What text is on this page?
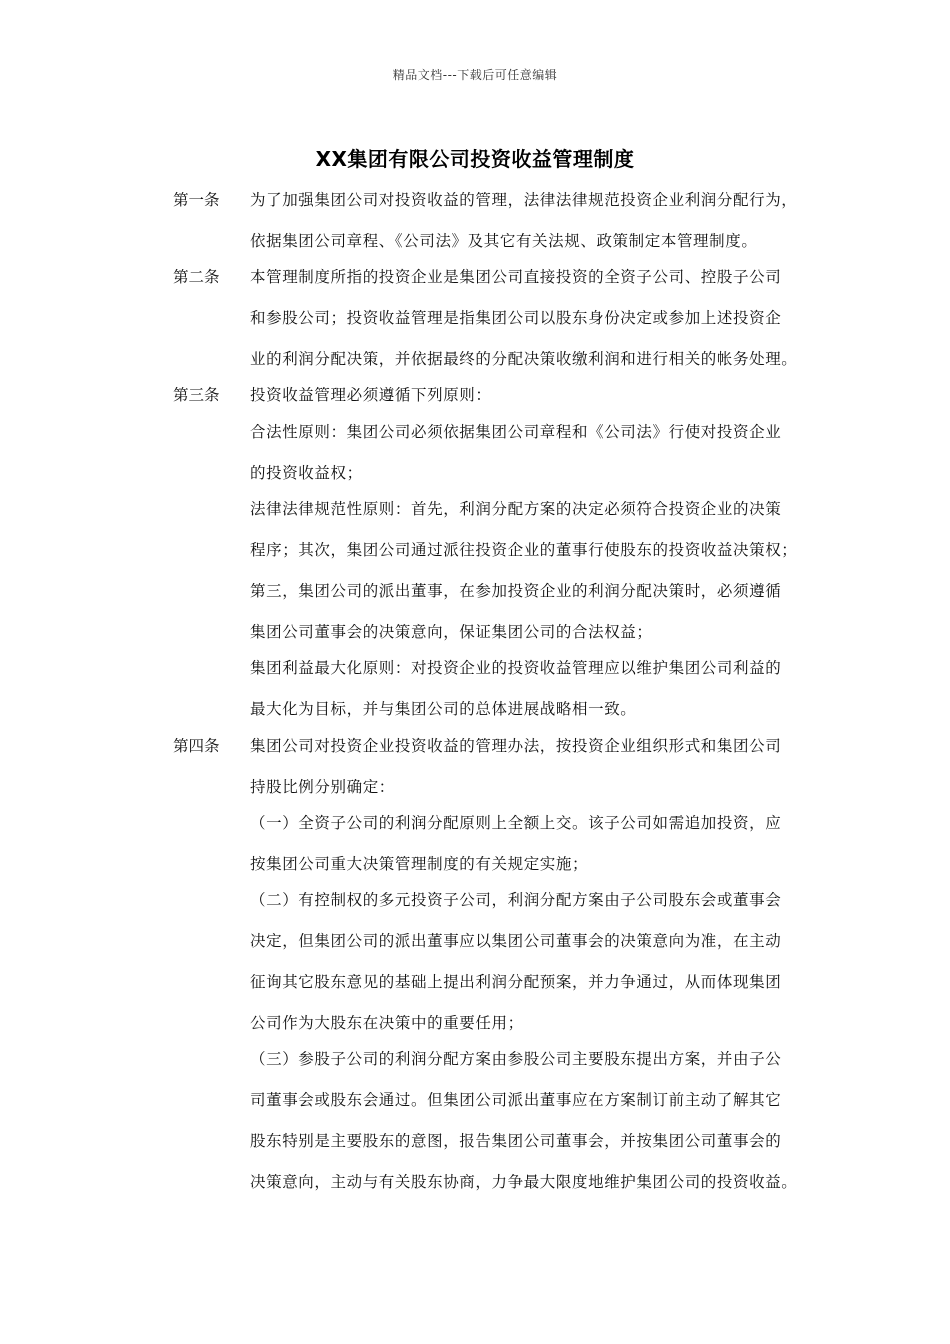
精品文档---下载后可任意编辑
XX集团有限公司投资收益管理制度
第一条 为了加强集团公司对投资收益的管理，法律法律规范投资企业利润分配行为，
依据集团公司章程、《公司法》及其它有关法规、政策制定本管理制度。
第二条 本管理制度所指的投资企业是集团公司直接投资的全资子公司、控股子公司
和参股公司；投资收益管理是指集团公司以股东身份决定或参加上述投资企
业的利润分配决策，并依据最终的分配决策收缴利润和进行相关的帐务处理。
第三条 投资收益管理必须遵循下列原则：
合法性原则：集团公司必须依据集团公司章程和《公司法》行使对投资企业
的投资收益权；
法律法律规范性原则：首先，利润分配方案的决定必须符合投资企业的决策
程序；其次，集团公司通过派往投资企业的董事行使股东的投资收益决策权；
第三，集团公司的派出董事，在参加投资企业的利润分配决策时，必须遵循
集团公司董事会的决策意向，保证集团公司的合法权益；
集团利益最大化原则：对投资企业的投资收益管理应以维护集团公司利益的
最大化为目标，并与集团公司的总体进展战略相一致。
第四条 集团公司对投资企业投资收益的管理办法，按投资企业组织形式和集团公司
持股比例分别确定：
（一）全资子公司的利润分配原则上全额上交。该子公司如需追加投资，应
按集团公司重大决策管理制度的有关规定实施；
（二）有控制权的多元投资子公司，利润分配方案由子公司股东会或董事会
决定，但集团公司的派出董事应以集团公司董事会的决策意向为准，在主动
征询其它股东意见的基础上提出利润分配预案，并力争通过，从而体现集团
公司作为大股东在决策中的重要任用；
（三）参股子公司的利润分配方案由参股公司主要股东提出方案，并由子公
司董事会或股东会通过。但集团公司派出董事应在方案制订前主动了解其它
股东特别是主要股东的意图，报告集团公司董事会，并按集团公司董事会的
决策意向，主动与有关股东协商，力争最大限度地维护集团公司的投资收益。
